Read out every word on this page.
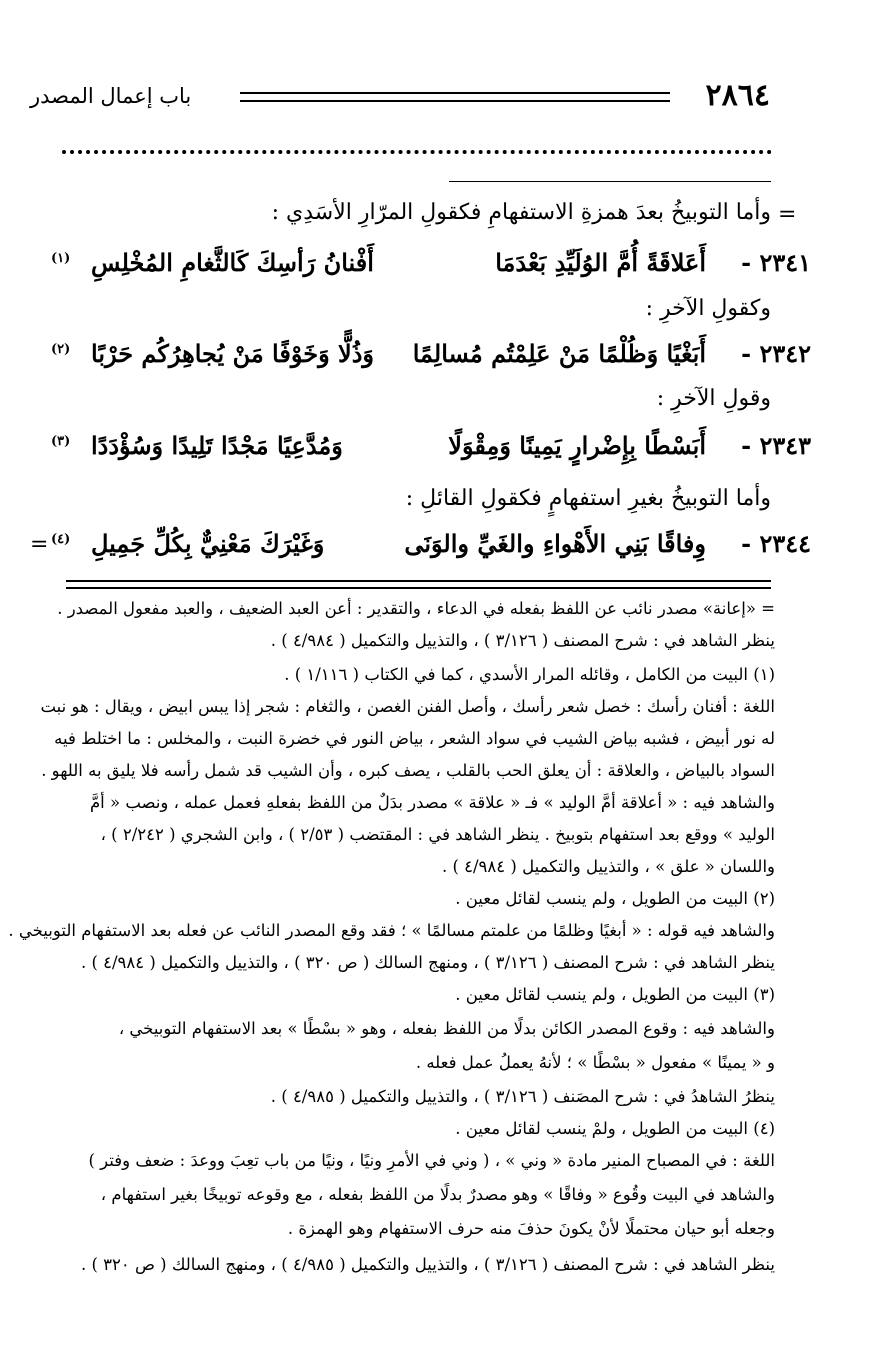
٢٨٦٤
باب إعمال المصدر
=
=
وأما التوبيخُ بعدَ همزةِ الاستفهامِ فكقولِ المرّارِ الأسَدِي :
٢٣٤١ -
أَعَلاقَةً أُمَّ الوُلَيِّدِ بَعْدَمَا
أَفْنانُ رَأسِكَ كَالثَّغامِ المُخْلِسِ
(١)
وكقولِ الآخرِ :
٢٣٤٢ -
أَبَغْيًا وَظُلْمًا مَنْ عَلِمْتُم مُسالِمًا
وَذُلًّا وَخَوْفًا مَنْ يُجاهِرُكُم حَرْبًا
(٢)
وقولِ الآخرِ :
٢٣٤٣ -
أَبَسْطًا بِإِضْرارٍ يَمِينًا وَمِقْوَلًا
وَمُدَّعِيًا مَجْدًا تَلِيدًا وَسُؤْدَدًا
(٣)
وأما التوبيخُ بغيرِ استفهامٍ فكقولِ القائلِ :
٢٣٤٤ -
وِفاقًا بَنِي الأَهْواءِ والغَيِّ والوَنَى
وَغَيْرَكَ مَعْنِيٌّ بِكُلِّ جَمِيلِ
(٤)
= «إعانة» مصدر نائب عن اللفظ بفعله في الدعاء ، والتقدير : أعن العبد الضعيف ، والعبد مفعول المصدر .
ينظر الشاهد في : شرح المصنف ( ٣/١٢٦ ) ، والتذييل والتكميل ( ٤/٩٨٤ ) .
(١) البيت من الكامل ، وقائله المرار الأسدي ، كما في الكتاب ( ١/١١٦ ) .
اللغة : أفنان رأسك : خصل شعر رأسك ، وأصل الفنن الغصن ، والثغام : شجر إذا يبس ابيض ، ويقال : هو نبت
له نور أبيض ، فشبه بياض الشيب في سواد الشعر ، بياض النور في خضرة النبت ، والمخلس : ما اختلط فيه
السواد بالبياض ، والعلاقة : أن يعلق الحب بالقلب ، يصف كبره ، وأن الشيب قد شمل رأسه فلا يليق به اللهو .
والشاهد فيه : « أعلاقة أمَّ الوليد » فـ « علاقة » مصدر بدَلٌ من اللفظ بفعلهِ فعمل عمله ، ونصب « أمَّ
الوليد » ووقع بعد استفهام بتوبيخ . ينظر الشاهد في : المقتضب ( ٢/٥٣ ) ، وابن الشجري ( ٢/٢٤٢ ) ،
واللسان « علق » ، والتذييل والتكميل ( ٤/٩٨٤ ) .
(٢) البيت من الطويل ، ولم ينسب لقائل معين .
والشاهد فيه قوله : « أبغيًا وظلمًا من علمتم مسالمًا » ؛ فقد وقع المصدر النائب عن فعله بعد الاستفهام التوبيخي .
ينظر الشاهد في : شرح المصنف ( ٣/١٢٦ ) ، ومنهج السالك ( ص ٣٢٠ ) ، والتذييل والتكميل ( ٤/٩٨٤ ) .
(٣) البيت من الطويل ، ولم ينسب لقائل معين .
والشاهد فيه : وقوع المصدر الكائن بدلًا من اللفظ بفعله ، وهو « بسْطًا » بعد الاستفهام التوبيخي ،
و « يمينًا » مفعول « بسْطًا » ؛ لأنهُ يعملُ عمل فعله .
ينظرُ الشاهدُ في : شرح المصَنف ( ٣/١٢٦ ) ، والتذييل والتكميل ( ٤/٩٨٥ ) .
(٤) البيت من الطويل ، ولمْ ينسب لقائل معين .
اللغة : في المصباح المنير مادة « وني » ، ( وني في الأمرِ ونيًا ، ونيًا من باب تعِبَ ووعدَ : ضعف وفتر )
والشاهد في البيت وقُوع « وفاقًا » وهو مصدرٌ بدلًا من اللفظ بفعله ، مع وقوعه توبيخًا بغير استفهام ،
وجعله أبو حيان محتملًا لأنْ يكونَ حذفَ منه حرف الاستفهام وهو الهمزة .
ينظر الشاهد في : شرح المصنف ( ٣/١٢٦ ) ، والتذييل والتكميل ( ٤/٩٨٥ ) ، ومنهج السالك ( ص ٣٢٠ ) .
